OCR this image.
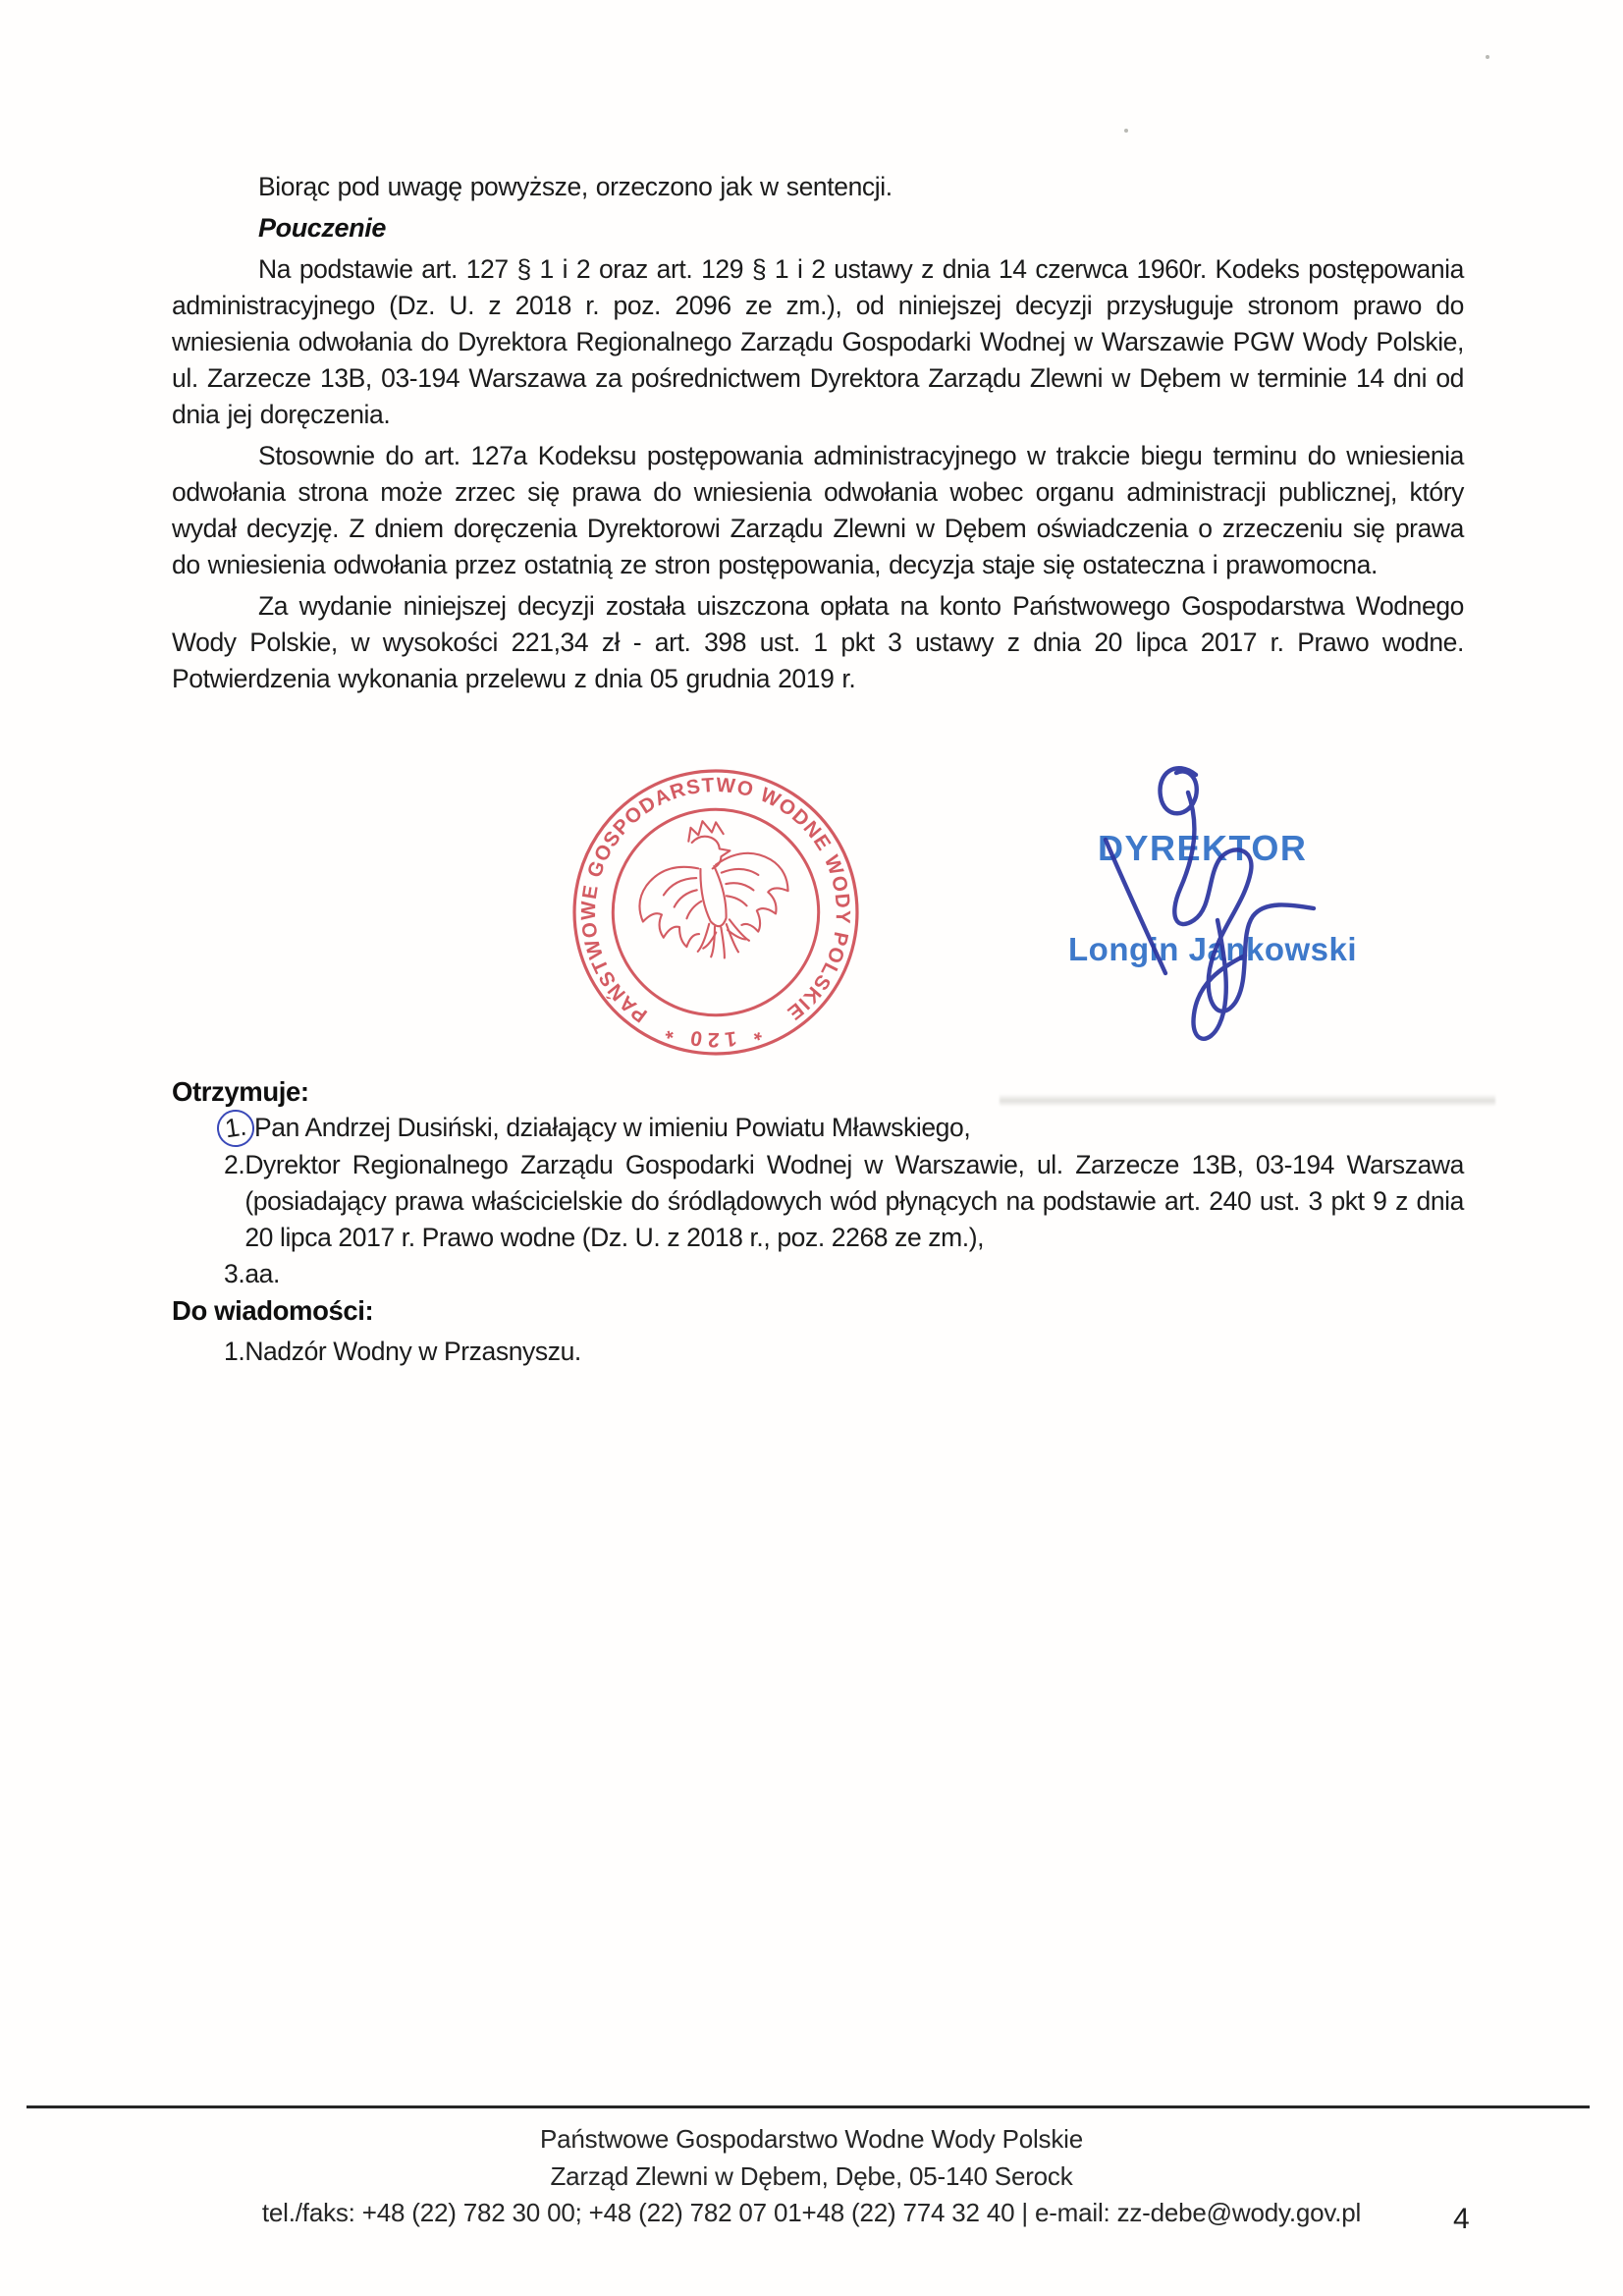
Biorąc pod uwagę powyższe, orzeczono jak w sentencji.

Pouczenie

Na podstawie art. 127 § 1 i 2 oraz art. 129 § 1 i 2 ustawy z dnia 14 czerwca 1960r. Kodeks postępowania administracyjnego (Dz. U. z 2018 r. poz. 2096 ze zm.), od niniejszej decyzji przysługuje stronom prawo do wniesienia odwołania do Dyrektora Regionalnego Zarządu Gospodarki Wodnej w Warszawie PGW Wody Polskie, ul. Zarzecze 13B, 03-194 Warszawa za pośrednictwem Dyrektora Zarządu Zlewni w Dębem w terminie 14 dni od dnia jej doręczenia.

Stosownie do art. 127a Kodeksu postępowania administracyjnego w trakcie biegu terminu do wniesienia odwołania strona może zrzec się prawa do wniesienia odwołania wobec organu administracji publicznej, który wydał decyzję. Z dniem doręczenia Dyrektorowi Zarządu Zlewni w Dębem oświadczenia o zrzeczeniu się prawa do wniesienia odwołania przez ostatnią ze stron postępowania, decyzja staje się ostateczna i prawomocna.

Za wydanie niniejszej decyzji została uiszczona opłata na konto Państwowego Gospodarstwa Wodnego Wody Polskie, w wysokości 221,34 zł - art. 398 ust. 1 pkt 3 ustawy z dnia 20 lipca 2017 r. Prawo wodne. Potwierdzenia wykonania przelewu z dnia 05 grudnia 2019 r.

PAŃSTWOWE GOSPODARSTWO WODNE WODY POLSKIE
* 120 *
DYREKTOR
Longin Jankowski
Otrzymuje:
1. Pan Andrzej Dusiński, działający w imieniu Powiatu Mławskiego,
2. Dyrektor Regionalnego Zarządu Gospodarki Wodnej w Warszawie, ul. Zarzecze 13B, 03-194 Warszawa (posiadający prawa właścicielskie do śródlądowych wód płynących na podstawie art. 240 ust. 3 pkt 9 z dnia 20 lipca 2017 r. Prawo wodne (Dz. U. z 2018 r., poz. 2268 ze zm.),
3. aa.
Do wiadomości:
1. Nadzór Wodny w Przasnyszu.
Państwowe Gospodarstwo Wodne Wody Polskie
Zarząd Zlewni w Dębem, Dębe, 05-140 Serock
tel./faks: +48 (22) 782 30 00; +48 (22) 782 07 01+48 (22) 774 32 40 | e-mail: zz-debe@wody.gov.pl	4
